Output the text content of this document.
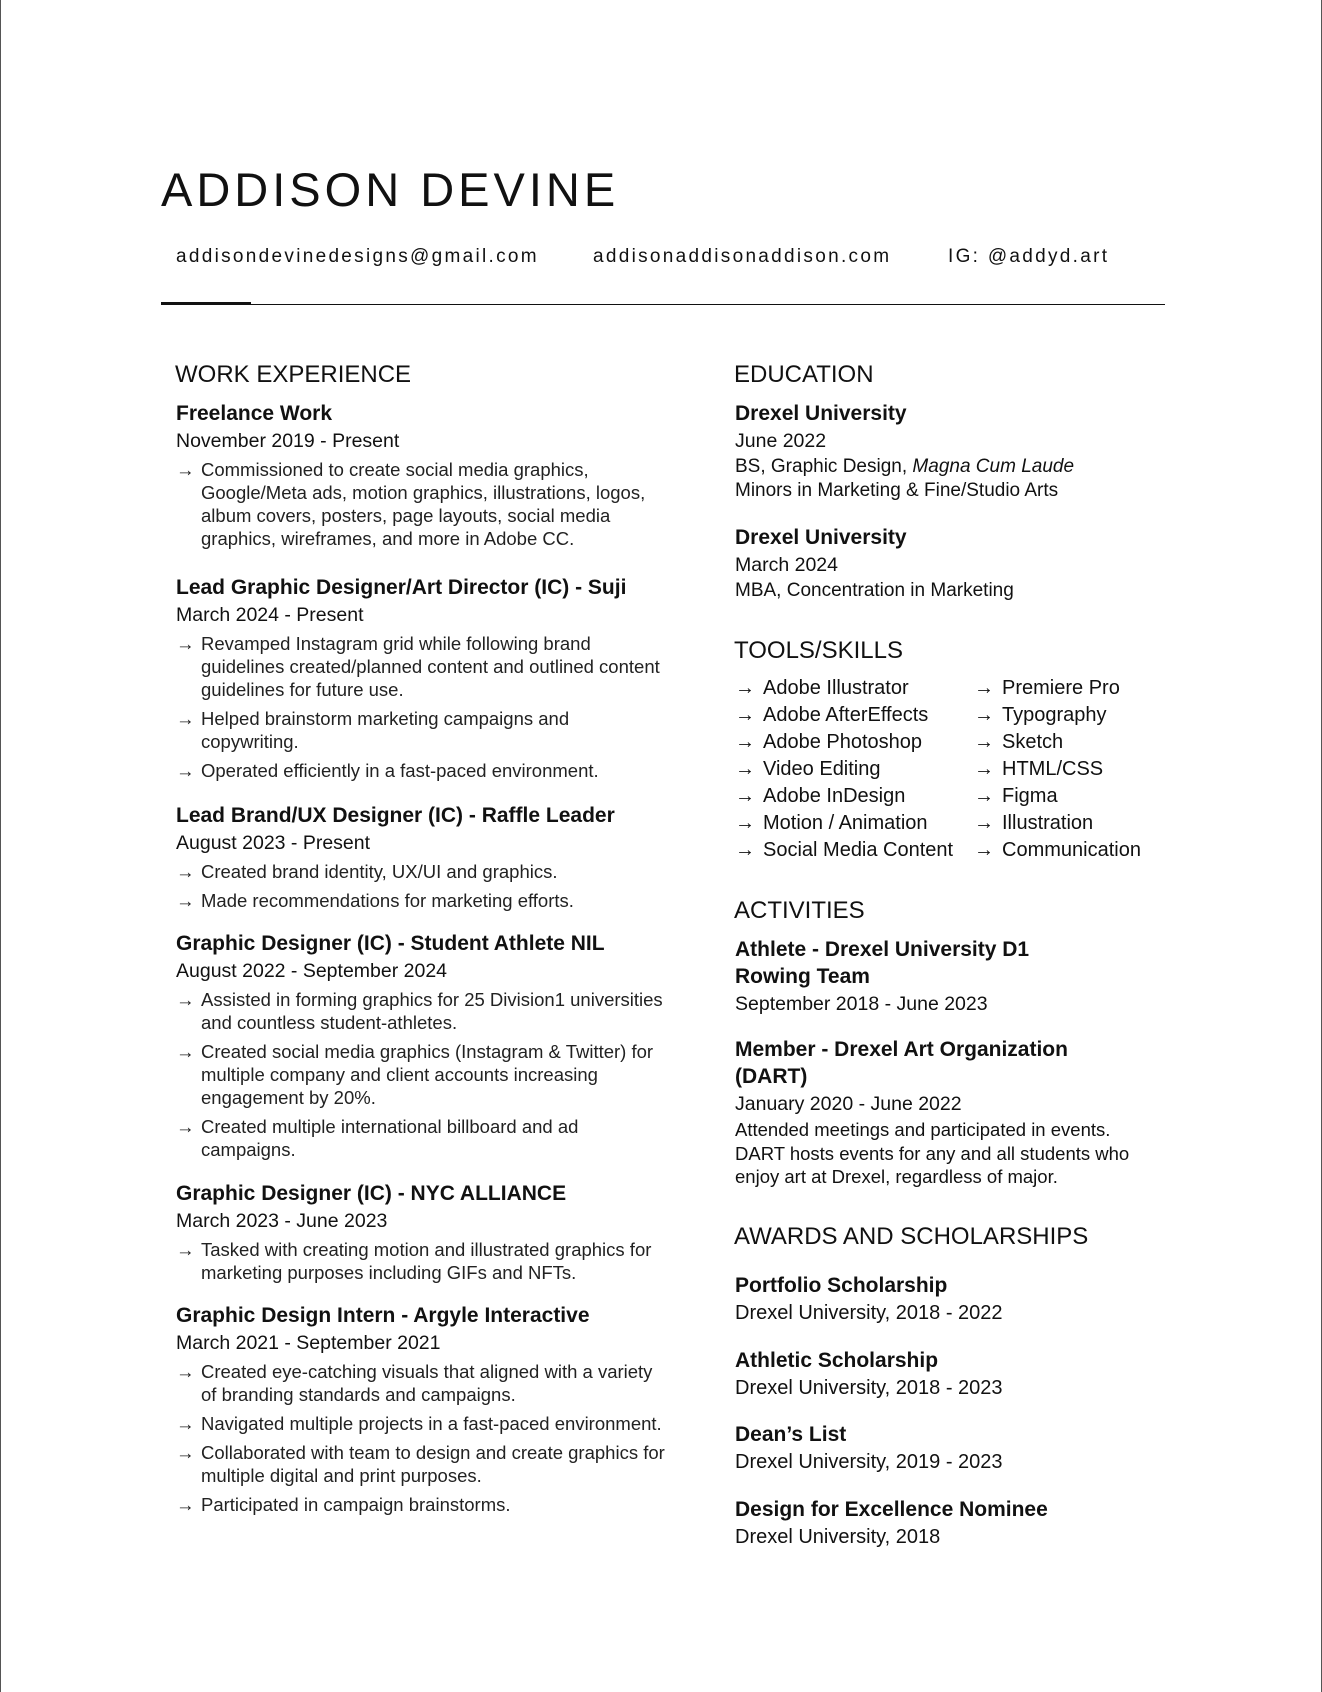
ADDISON DEVINE
addisondevinedesigns@gmail.com	addisonaddisonaddison.com	IG: @addyd.art
WORK EXPERIENCE
Freelance Work
November 2019 - Present
→ Commissioned to create social media graphics, Google/Meta ads, motion graphics, illustrations, logos, album covers, posters, page layouts, social media graphics, wireframes, and more in Adobe CC.
Lead Graphic Designer/Art Director (IC) - Suji
March 2024 - Present
→ Revamped Instagram grid while following brand guidelines created/planned content and outlined content guidelines for future use.
→ Helped brainstorm marketing campaigns and copywriting.
→ Operated efficiently in a fast-paced environment.
Lead Brand/UX Designer (IC) - Raffle Leader
August 2023 - Present
→ Created brand identity, UX/UI and graphics.
→ Made recommendations for marketing efforts.
Graphic Designer (IC) - Student Athlete NIL
August 2022 - September 2024
→ Assisted in forming graphics for 25 Division1 universities and countless student-athletes.
→ Created social media graphics (Instagram & Twitter) for multiple company and client accounts increasing engagement by 20%.
→ Created multiple international billboard and ad campaigns.
Graphic Designer (IC) - NYC ALLIANCE
March 2023 - June 2023
→ Tasked with creating motion and illustrated graphics for marketing purposes including GIFs and NFTs.
Graphic Design Intern - Argyle Interactive
March 2021 - September 2021
→ Created eye-catching visuals that aligned with a variety of branding standards and campaigns.
→ Navigated multiple projects in a fast-paced environment.
→ Collaborated with team to design and create graphics for multiple digital and print purposes.
→ Participated in campaign brainstorms.
EDUCATION
Drexel University
June 2022
BS, Graphic Design, Magna Cum Laude
Minors in Marketing & Fine/Studio Arts
Drexel University
March 2024
MBA, Concentration in Marketing
TOOLS/SKILLS
→ Adobe Illustrator
→ Adobe AfterEffects
→ Adobe Photoshop
→ Video Editing
→ Adobe InDesign
→ Motion / Animation
→ Social Media Content
→ Premiere Pro
→ Typography
→ Sketch
→ HTML/CSS
→ Figma
→ Illustration
→ Communication
ACTIVITIES
Athlete - Drexel University D1
Rowing Team
September 2018 - June 2023
Member - Drexel Art Organization
(DART)
January 2020 - June 2022
Attended meetings and participated in events.
DART hosts events for any and all students who
enjoy art at Drexel, regardless of major.
AWARDS AND SCHOLARSHIPS
Portfolio Scholarship
Drexel University, 2018 - 2022
Athletic Scholarship
Drexel University, 2018 - 2023
Dean’s List
Drexel University, 2019 - 2023
Design for Excellence Nominee
Drexel University, 2018
